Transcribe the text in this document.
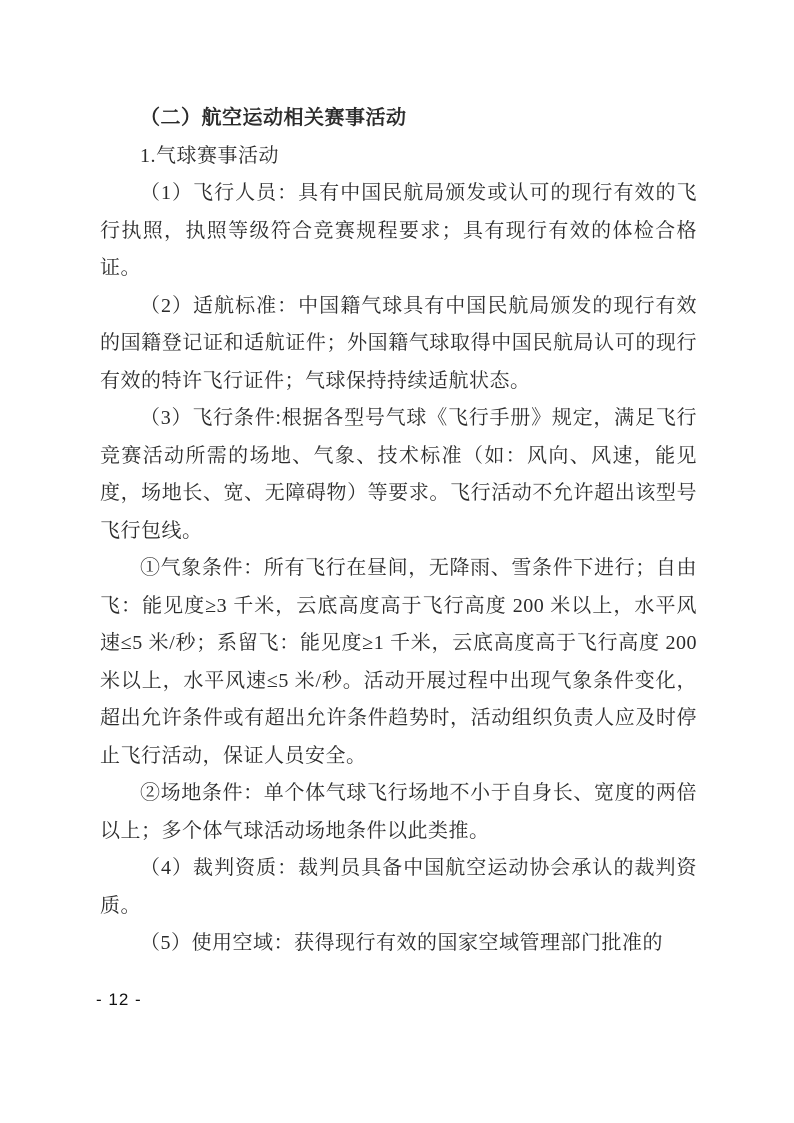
（二）航空运动相关赛事活动

1.气球赛事活动

（1）飞行人员：具有中国民航局颁发或认可的现行有效的飞行执照，执照等级符合竞赛规程要求；具有现行有效的体检合格证。

（2）适航标准：中国籍气球具有中国民航局颁发的现行有效的国籍登记证和适航证件；外国籍气球取得中国民航局认可的现行有效的特许飞行证件；气球保持持续适航状态。

（3）飞行条件:根据各型号气球《飞行手册》规定，满足飞行竞赛活动所需的场地、气象、技术标准（如：风向、风速，能见度，场地长、宽、无障碍物）等要求。飞行活动不允许超出该型号飞行包线。

①气象条件：所有飞行在昼间，无降雨、雪条件下进行；自由飞：能见度≥3 千米，云底高度高于飞行高度 200 米以上，水平风速≤5 米/秒；系留飞：能见度≥1 千米，云底高度高于飞行高度 200 米以上，水平风速≤5 米/秒。活动开展过程中出现气象条件变化，超出允许条件或有超出允许条件趋势时，活动组织负责人应及时停止飞行活动，保证人员安全。

②场地条件：单个体气球飞行场地不小于自身长、宽度的两倍以上；多个体气球活动场地条件以此类推。

（4）裁判资质：裁判员具备中国航空运动协会承认的裁判资质。

（5）使用空域：获得现行有效的国家空域管理部门批准的

- 12 -
